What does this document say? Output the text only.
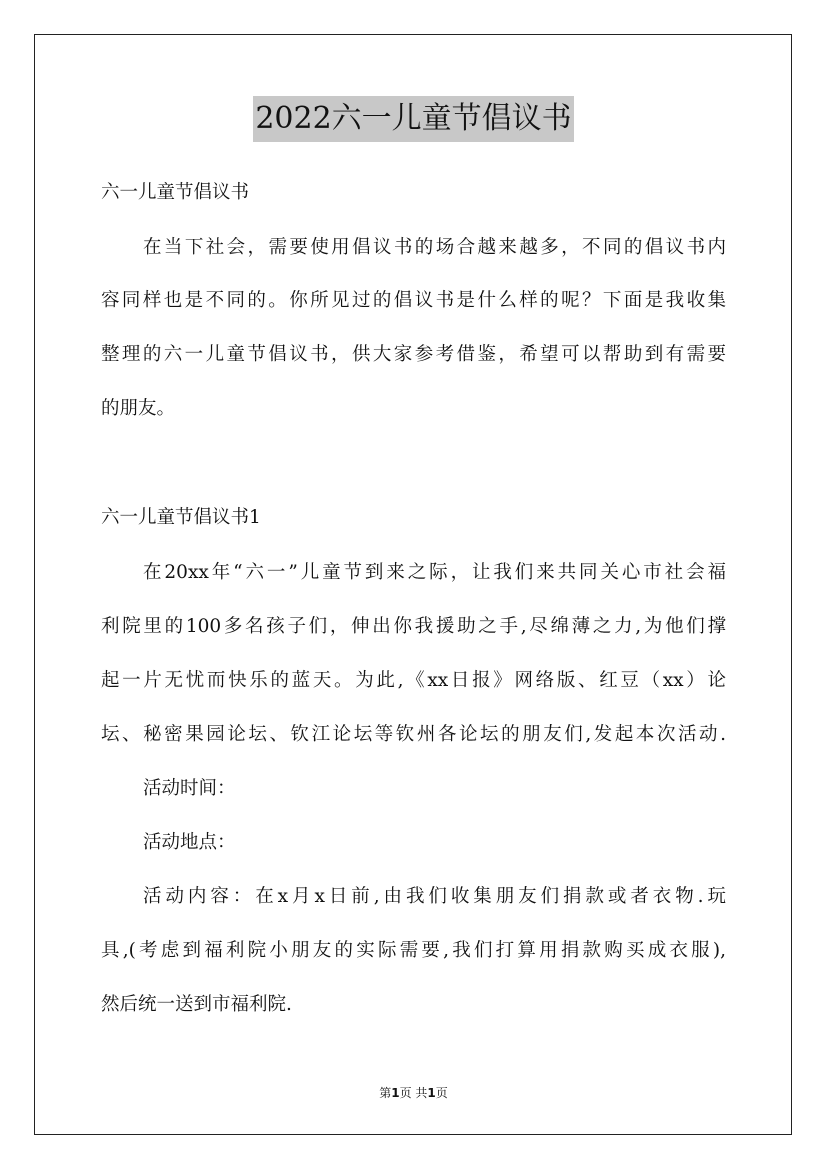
2022六一儿童节倡议书
六一儿童节倡议书
在当下社会，需要使用倡议书的场合越来越多，不同的倡议书内
容同样也是不同的。你所见过的倡议书是什么样的呢？下面是我收集
整理的六一儿童节倡议书，供大家参考借鉴，希望可以帮助到有需要
的朋友。
六一儿童节倡议书1
在20xx年“六一”儿童节到来之际，让我们来共同关心市社会福
利院里的100多名孩子们，伸出你我援助之手,尽绵薄之力,为他们撑
起一片无忧而快乐的蓝天。为此,《xx日报》网络版、红豆（xx）论
坛、秘密果园论坛、钦江论坛等钦州各论坛的朋友们,发起本次活动.
活动时间：
活动地点：
活动内容：在x月x日前,由我们收集朋友们捐款或者衣物.玩
具,(考虑到福利院小朋友的实际需要,我们打算用捐款购买成衣服),
然后统一送到市福利院.
第1页 共1页
